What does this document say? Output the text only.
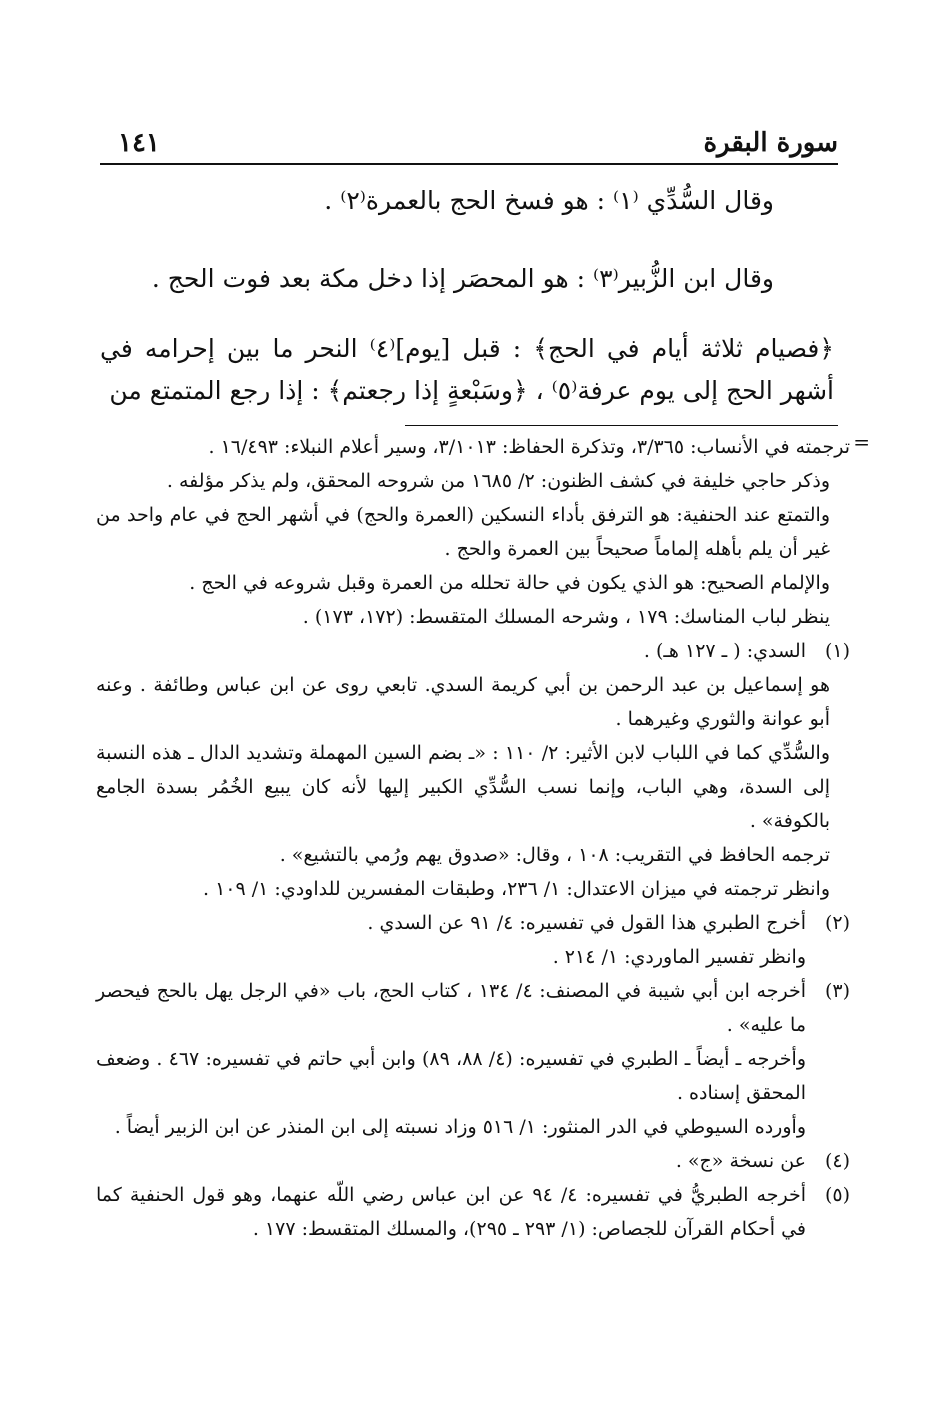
سورة البقرة
١٤١

وقال السُّدِّي ⁽١⁾ : هو فسخ الحج بالعمرة⁽٢⁾ .

وقال ابن الزُّبير⁽٣⁾ : هو المحصَر إذا دخل مكة بعد فوت الحج .

﴿فصيام ثلاثة أيام في الحج﴾ : قبل [يوم]⁽٤⁾ النحر ما بين إحرامه في أشهر الحج إلى يوم عرفة⁽٥⁾ ، ﴿وسَبْعةٍ إذا رجعتم﴾ : إذا رجع المتمتع من

=

ترجمته في الأنساب: ٣/٣٦٥، وتذكرة الحفاظ: ٣/١٠١٣، وسير أعلام النبلاء: ١٦/٤٩٣ .

وذكر حاجي خليفة في كشف الظنون: ٢/ ١٦٨٥ من شروحه المحقق، ولم يذكر مؤلفه .

والتمتع عند الحنفية: هو الترفق بأداء النسكين (العمرة والحج) في أشهر الحج في عام واحد من غير أن يلم بأهله إلماماً صحيحاً بين العمرة والحج .

والإلمام الصحيح: هو الذي يكون في حالة تحلله من العمرة وقبل شروعه في الحج .

ينظر لباب المناسك: ١٧٩ ، وشرحه المسلك المتقسط: (١٧٢، ١٧٣) .

(١)
السدي: ( ـ ١٢٧ هـ) .

هو إسماعيل بن عبد الرحمن بن أبي كريمة السدي. تابعي روى عن ابن عباس وطائفة . وعنه أبو عوانة والثوري وغيرهما .

والسُّدِّي كما في اللباب لابن الأثير: ٢/ ١١٠ : «ـ بضم السين المهملة وتشديد الدال ـ هذه النسبة إلى السدة، وهي الباب، وإنما نسب السُّدِّي الكبير إليها لأنه كان يبيع الخُمُر بسدة الجامع بالكوفة» .

ترجمه الحافظ في التقريب: ١٠٨ ، وقال: «صدوق يهم ورُمي بالتشيع» .

وانظر ترجمته في ميزان الاعتدال: ١/ ٢٣٦، وطبقات المفسرين للداودي: ١/ ١٠٩ .

(٢)
أخرج الطبري هذا القول في تفسيره: ٤/ ٩١ عن السدي .

وانظر تفسير الماوردي: ١/ ٢١٤ .

(٣)
أخرجه ابن أبي شيبة في المصنف: ٤/ ١٣٤ ، كتاب الحج، باب «في الرجل يهل بالحج فيحصر ما عليه» .

وأخرجه ـ أيضاً ـ الطبري في تفسيره: (٤/ ٨٨، ٨٩) وابن أبي حاتم في تفسيره: ٤٦٧ . وضعف المحقق إسناده .

وأورده السيوطي في الدر المنثور: ١/ ٥١٦ وزاد نسبته إلى ابن المنذر عن ابن الزبير أيضاً .

(٤)
عن نسخة «ج» .

(٥)
أخرجه الطبريُّ في تفسيره: ٤/ ٩٤ عن ابن عباس رضي اللّه عنهما، وهو قول الحنفية كما في أحكام القرآن للجصاص: (١/ ٢٩٣ ـ ٢٩٥)، والمسلك المتقسط: ١٧٧ .
